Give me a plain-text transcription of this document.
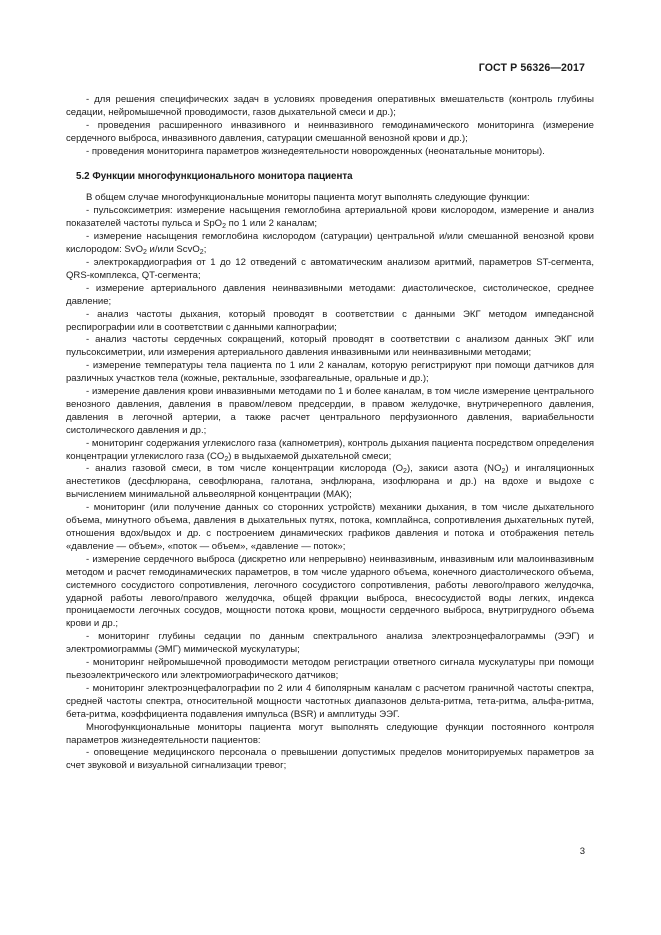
ГОСТ Р 56326—2017

- для решения специфических задач в условиях проведения оперативных вмешательств (контроль глубины седации, нейромышечной проводимости, газов дыхательной смеси и др.);

- проведения расширенного инвазивного и неинвазивного гемодинамического мониторинга (измерение сердечного выброса, инвазивного давления, сатурации смешанной венозной крови и др.);

- проведения мониторинга параметров жизнедеятельности новорожденных (неонатальные мониторы).

5.2 Функции многофункционального монитора пациента

В общем случае многофункциональные мониторы пациента могут выполнять следующие функции:

- пульсоксиметрия: измерение насыщения гемоглобина артериальной крови кислородом, измерение и анализ показателей частоты пульса и SpO$_2$ по 1 или 2 каналам;

- измерение насыщения гемоглобина кислородом (сатурации) центральной и/или смешанной венозной крови кислородом: SvO$_2$ и/или ScvO$_2$;

- электрокардиография от 1 до 12 отведений с автоматическим анализом аритмий, параметров ST-сегмента, QRS-комплекса, QT-сегмента;

- измерение артериального давления неинвазивными методами: диастолическое, систолическое, среднее давление;

- анализ частоты дыхания, который проводят в соответствии с данными ЭКГ методом импедансной респирографии или в соответствии с данными капнографии;

- анализ частоты сердечных сокращений, который проводят в соответствии с анализом данных ЭКГ или пульсоксиметрии, или измерения артериального давления инвазивными или неинвазивными методами;

- измерение температуры тела пациента по 1 или 2 каналам, которую регистрируют при помощи датчиков для различных участков тела (кожные, ректальные, эзофагеальные, оральные и др.);

- измерение давления крови инвазивными методами по 1 и более каналам, в том числе измерение центрального венозного давления, давления в правом/левом предсердии, в правом желудочке, внутричерепного давления, давления в легочной артерии, а также расчет центрального перфузионного давления, вариабельности систолического давления и др.;

- мониторинг содержания углекислого газа (капнометрия), контроль дыхания пациента посредством определения концентрации углекислого газа $(CO_2)$ в выдыхаемой дыхательной смеси;

- анализ газовой смеси, в том числе концентрации кислорода $(O_2)$, закиси азота $(NO_2)$ и ингаляционных анестетиков (десфлюрана, севофлюрана, галотана, энфлюрана, изофлюрана и др.) на вдохе и выдохе с вычислением минимальной альвеолярной концентрации (МАК);

- мониторинг (или получение данных со сторонних устройств) механики дыхания, в том числе дыхательного объема, минутного объема, давления в дыхательных путях, потока, комплайнса, сопротивления дыхательных путей, отношения вдох/выдох и др. с построением динамических графиков давления и потока и отображения петель «давление — объем», «поток — объем», «давление — поток»;

- измерение сердечного выброса (дискретно или непрерывно) неинвазивным, инвазивным или малоинвазивным методом и расчет гемодинамических параметров, в том числе ударного объема, конечного диастолического объема, системного сосудистого сопротивления, легочного сосудистого сопротивления, работы левого/правого желудочка, ударной работы левого/правого желудочка, общей фракции выброса, внесосудистой воды легких, индекса проницаемости легочных сосудов, мощности потока крови, мощности сердечного выброса, внутригрудного объема крови и др.;

- мониторинг глубины седации по данным спектрального анализа электроэнцефалограммы (ЭЭГ) и электромиограммы (ЭМГ) мимической мускулатуры;

- мониторинг нейромышечной проводимости методом регистрации ответного сигнала мускулатуры при помощи пьезоэлектрического или электромиографического датчиков;

- мониторинг электроэнцефалографии по 2 или 4 биполярным каналам с расчетом граничной частоты спектра, средней частоты спектра, относительной мощности частотных диапазонов дельта-ритма, тета-ритма, альфа-ритма, бета-ритма, коэффициента подавления импульса (BSR) и амплитуды ЭЭГ.

Многофункциональные мониторы пациента могут выполнять следующие функции постоянного контроля параметров жизнедеятельности пациентов:

- оповещение медицинского персонала о превышении допустимых пределов мониторируемых параметров за счет звуковой и визуальной сигнализации тревог;

3
